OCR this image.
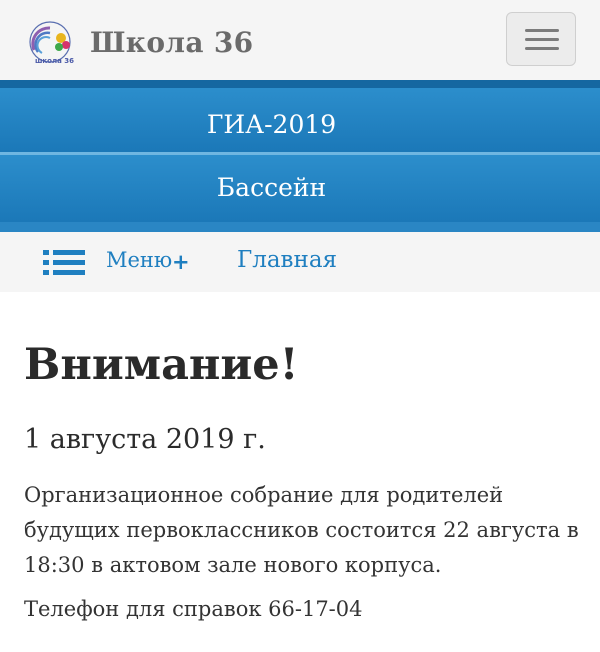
школа 36
Школа 36
ГИА-2019
Бассейн
Меню + Главная
Внимание!
1 августа 2019 г.

Организационное собрание для родителей будущих первоклассников состоится 22 августа в 18:30 в актовом зале нового корпуса.

Телефон для справок 66-17-04
